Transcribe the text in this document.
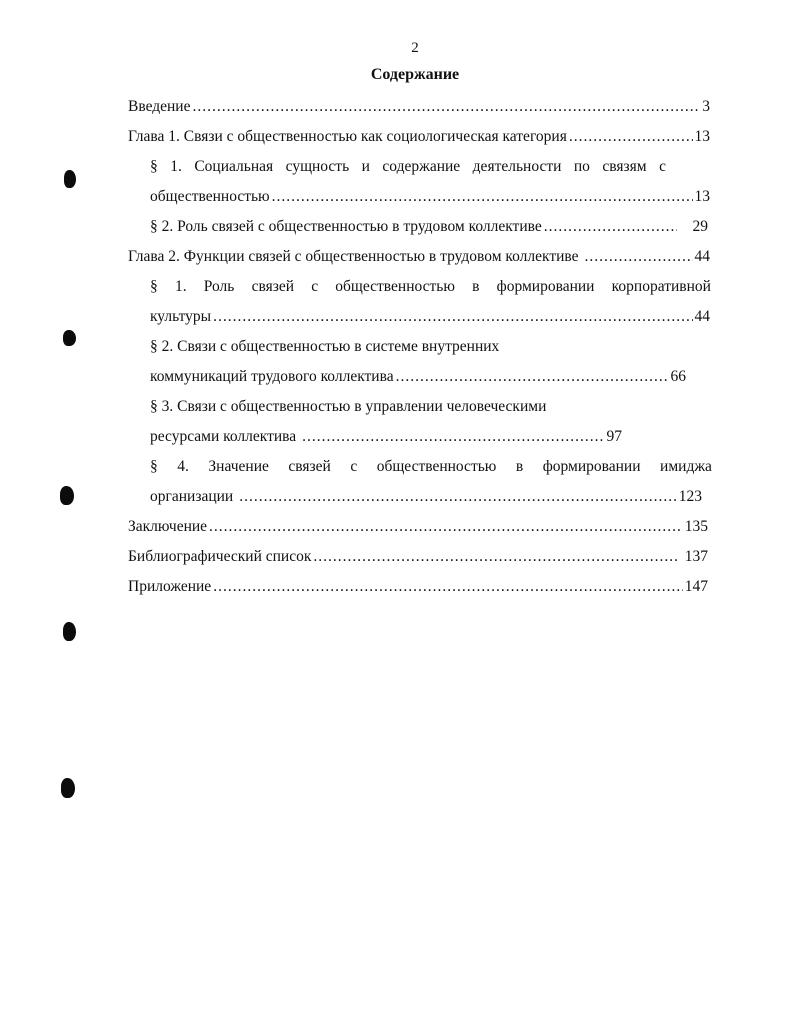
2
Содержание
Введение .....	3
Глава 1. Связи с общественностью как социологическая категория .....	13
§ 1. Социальная сущность и содержание деятельности по связям с
общественностью .....	13
§ 2. Роль связей с общественностью в трудовом коллективе .....	29
Глава 2. Функции связей с общественностью в трудовом коллективе .....	44
§ 1. Роль связей с общественностью в формировании корпоративной
культуры .....	44
§ 2. Связи с общественностью в системе внутренних
коммуникаций трудового коллектива .....	66
§ 3. Связи с общественностью в управлении человеческими
ресурсами коллектива .....	97
§ 4. Значение связей с общественностью в формировании имиджа
организации .....	123
Заключение .....	135
Библиографический список .....	137
Приложение .....	147
